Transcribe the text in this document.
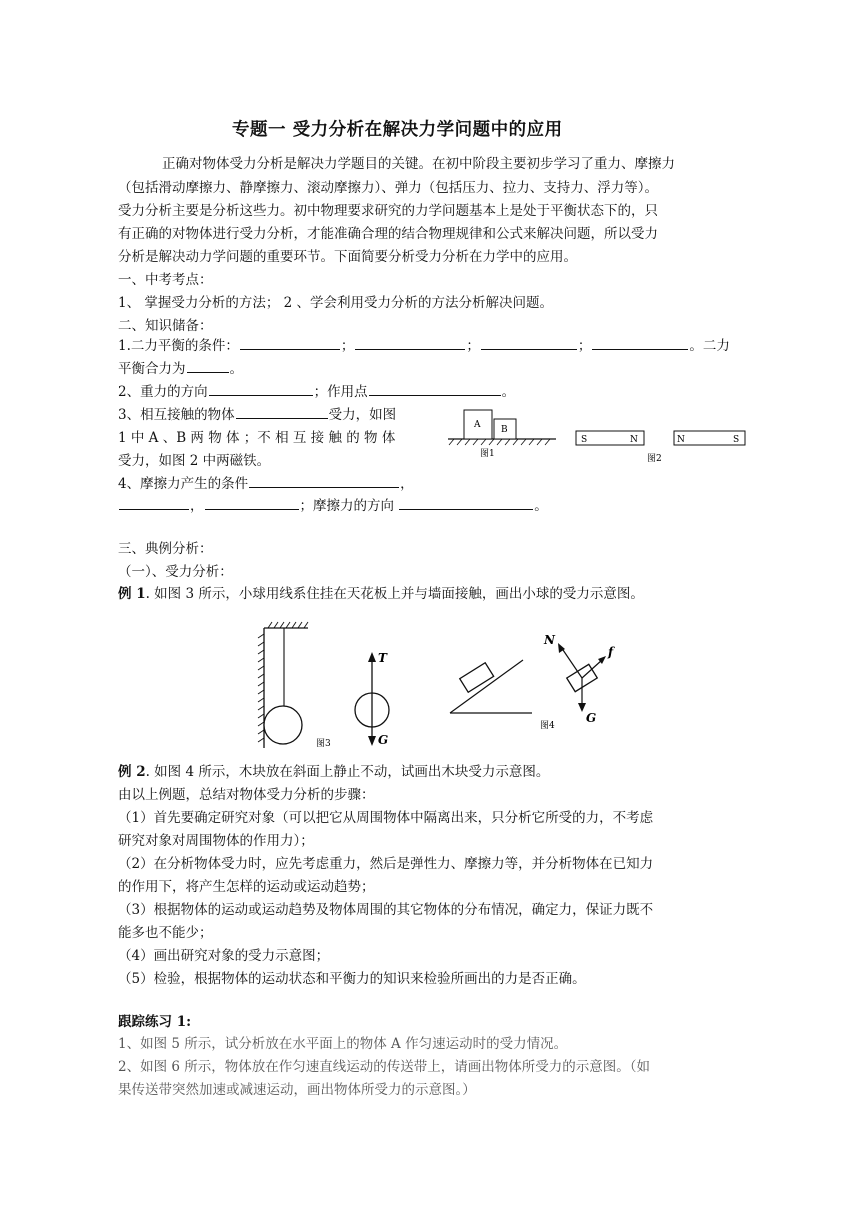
专题一 受力分析在解决力学问题中的应用
正确对物体受力分析是解决力学题目的关键。在初中阶段主要初步学习了重力、摩擦力
（包括滑动摩擦力、静摩擦力、滚动摩擦力）、弹力（包括压力、拉力、支持力、浮力等）。
受力分析主要是分析这些力。初中物理要求研究的力学问题基本上是处于平衡状态下的，只
有正确的对物体进行受力分析，才能准确合理的结合物理规律和公式来解决问题，所以受力
分析是解决动力学问题的重要环节。下面简要分析受力分析在力学中的应用。
一、中考考点：
1、 掌握受力分析的方法； 2 、学会利用受力分析的方法分析解决问题。
二、知识储备：
1.二力平衡的条件：	；	；	；	。二力
平衡合力为	。
2、重力的方向	；作用点	。
3、相互接触的物体	受力，如图
1 中 A 、B 两 物 体 ；不 相 互 接 触 的 物 体
受力，如图 2 中两磁铁。
4、摩擦力产生的条件	，
，	；摩擦力的方向	。
A B
图1
S	N	N	S
图2
三、典例分析：
（一）、受力分析：
例 1. 如图 3 所示，小球用线系住挂在天花板上并与墙面接触，画出小球的受力示意图。
T
G
图3
N
f
G
图4
例 2. 如图 4 所示，木块放在斜面上静止不动，试画出木块受力示意图。
由以上例题，总结对物体受力分析的步骤：
（1）首先要确定研究对象（可以把它从周围物体中隔离出来，只分析它所受的力，不考虑
研究对象对周围物体的作用力）；
（2）在分析物体受力时，应先考虑重力，然后是弹性力、摩擦力等，并分析物体在已知力
的作用下，将产生怎样的运动或运动趋势；
（3）根据物体的运动或运动趋势及物体周围的其它物体的分布情况，确定力，保证力既不
能多也不能少；
（4）画出研究对象的受力示意图；
（5）检验，根据物体的运动状态和平衡力的知识来检验所画出的力是否正确。
跟踪练习 1:
1、如图 5 所示，试分析放在水平面上的物体 A 作匀速运动时的受力情况。
2、如图 6 所示，物体放在作匀速直线运动的传送带上，请画出物体所受力的示意图。（如
果传送带突然加速或减速运动，画出物体所受力的示意图。）
